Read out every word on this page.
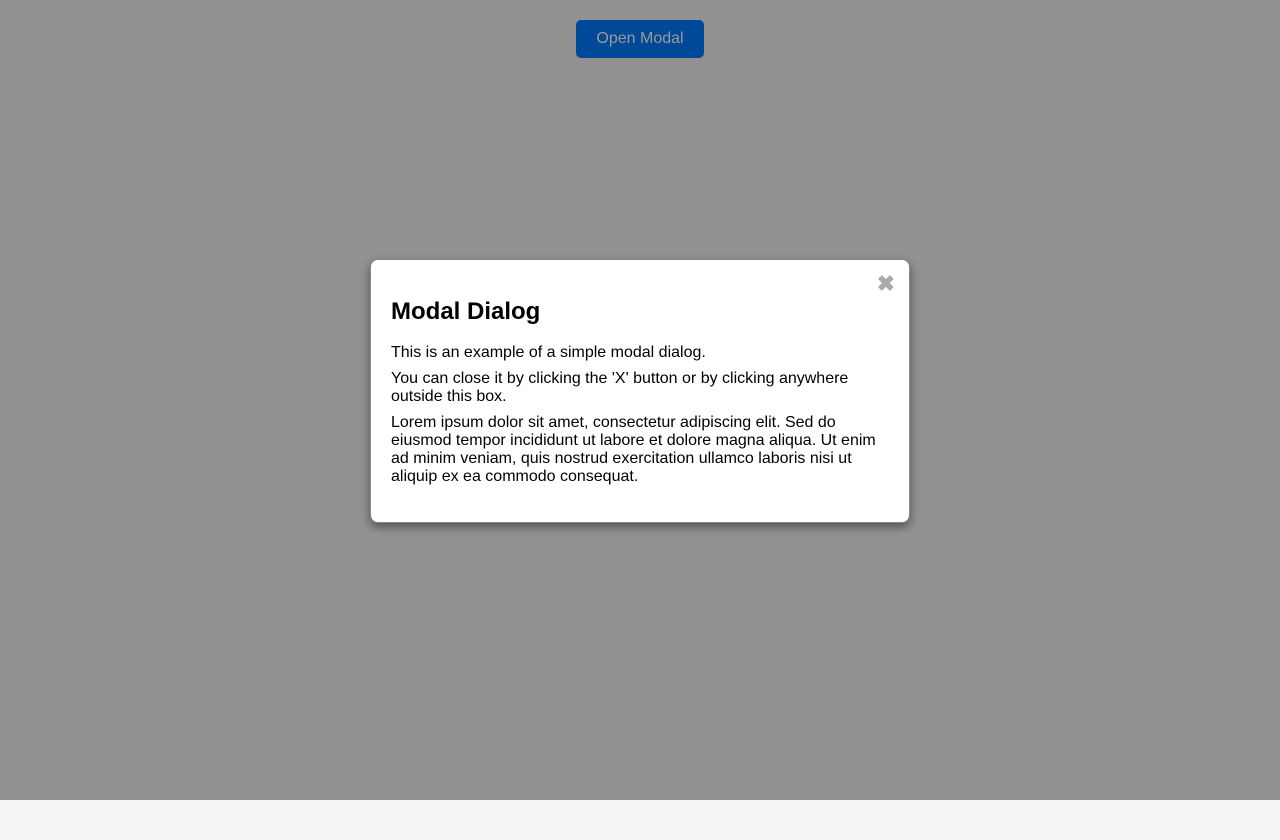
Open Modal
✖
Modal Dialog

This is an example of a simple modal dialog.

You can close it by clicking the 'X' button or by clicking anywhere outside this box.

Lorem ipsum dolor sit amet, consectetur adipiscing elit. Sed do eiusmod tempor incididunt ut labore et dolore magna aliqua. Ut enim ad minim veniam, quis nostrud exercitation ullamco laboris nisi ut aliquip ex ea commodo consequat.
